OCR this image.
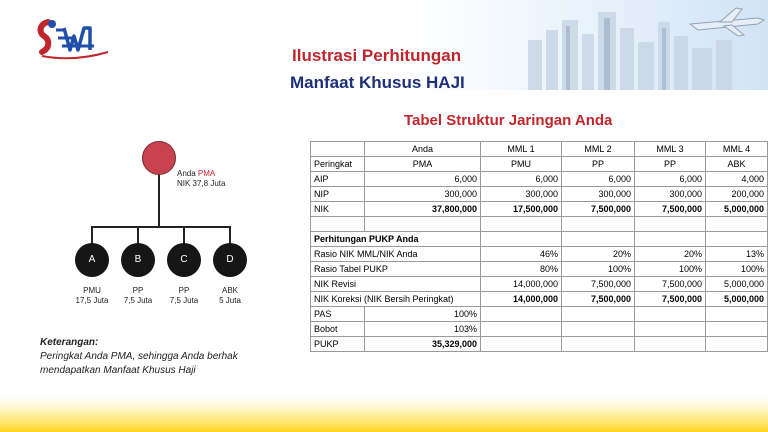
Ilustrasi Perhitungan
Manfaat Khusus HAJI
Tabel Struktur Jaringan Anda
Anda PMA
NIK 37,8 Juta
A	B	C	D
PMU
17,5 Juta
PP
7,5 Juta
PP
7,5 Juta
ABK
5 Juta
	Anda	MML 1	MML 2	MML 3	MML 4
Peringkat	PMA	PMU	PP	PP	ABK
AIP	6,000	6,000	6,000	6,000	4,000
NIP	300,000	300,000	300,000	300,000	200,000
NIK	37,800,000	17,500,000	7,500,000	7,500,000	5,000,000

Perhitungan PUKP Anda					
Rasio NIK MML/NIK Anda		46%	20%	20%	13%
Rasio Tabel PUKP		80%	100%	100%	100%
NIK Revisi		14,000,000	7,500,000	7,500,000	5,000,000
NIK Koreksi (NIK Bersih Peringkat)		14,000,000	7,500,000	7,500,000	5,000,000
PAS	100%				
Bobot	103%				
PUKP	35,329,000				
Keterangan:
Peringkat Anda PMA, sehingga Anda berhak
mendapatkan Manfaat Khusus Haji
